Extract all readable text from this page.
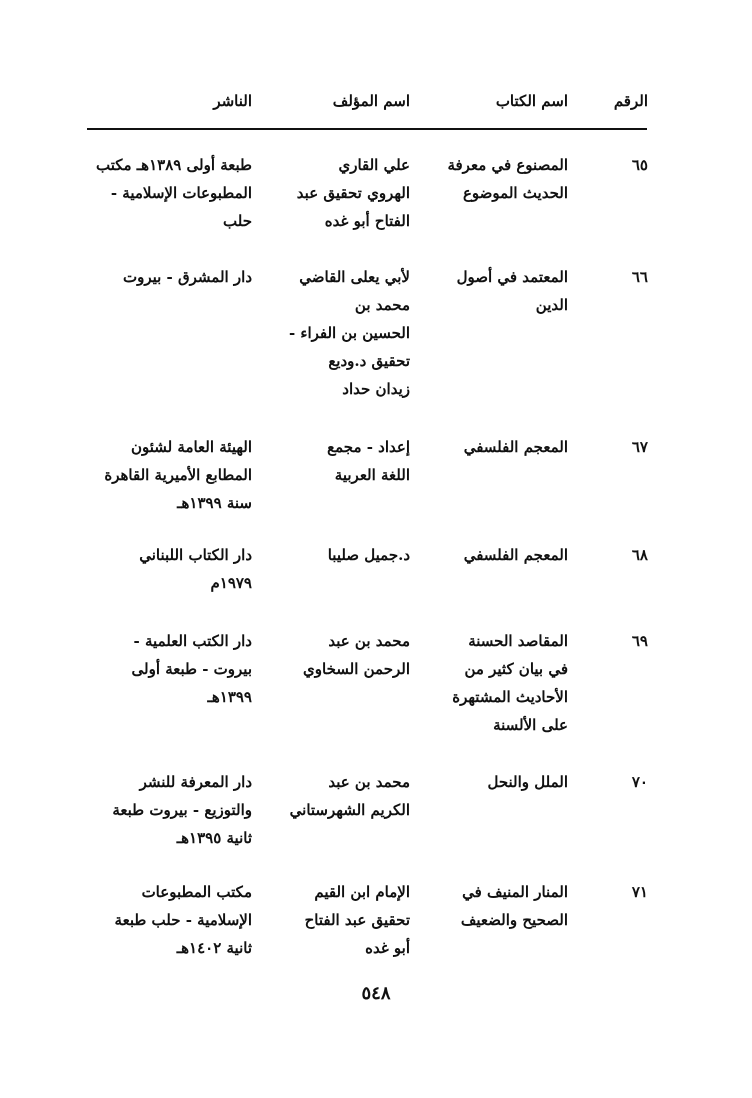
الرقم
اسم الكتاب
اسم المؤلف
الناشر
٦٥
المصنوع في معرفة
الحديث الموضوع
علي القاري
الهروي تحقيق عبد
الفتاح أبو غده
طبعة أولى ١٣٨٩هـ مكتب
المطبوعات الإسلامية -
حلب
٦٦
المعتمد في أصول
الدين
لأبي يعلى القاضي
محمد بن
الحسين بن الفراء -
تحقيق د.وديع
زيدان حداد
دار المشرق - بيروت
٦٧
المعجم الفلسفي
إعداد - مجمع
اللغة العربية
الهيئة العامة لشئون
المطابع الأميرية القاهرة
سنة ١٣٩٩هـ
٦٨
المعجم الفلسفي
د.جميل صليبا
دار الكتاب اللبناني
١٩٧٩م
٦٩
المقاصد الحسنة
في بيان كثير من
الأحاديث المشتهرة
على الألسنة
محمد بن عبد
الرحمن السخاوي
دار الكتب العلمية -
بيروت - طبعة أولى
١٣٩٩هـ
٧٠
الملل والنحل
محمد بن عبد
الكريم الشهرستاني
دار المعرفة للنشر
والتوزيع - بيروت طبعة
ثانية ١٣٩٥هـ
٧١
المنار المنيف في
الصحيح والضعيف
الإمام ابن القيم
تحقيق عبد الفتاح
أبو غده
مكتب المطبوعات
الإسلامية - حلب طبعة
ثانية ١٤٠٢هـ
٥٤٨
